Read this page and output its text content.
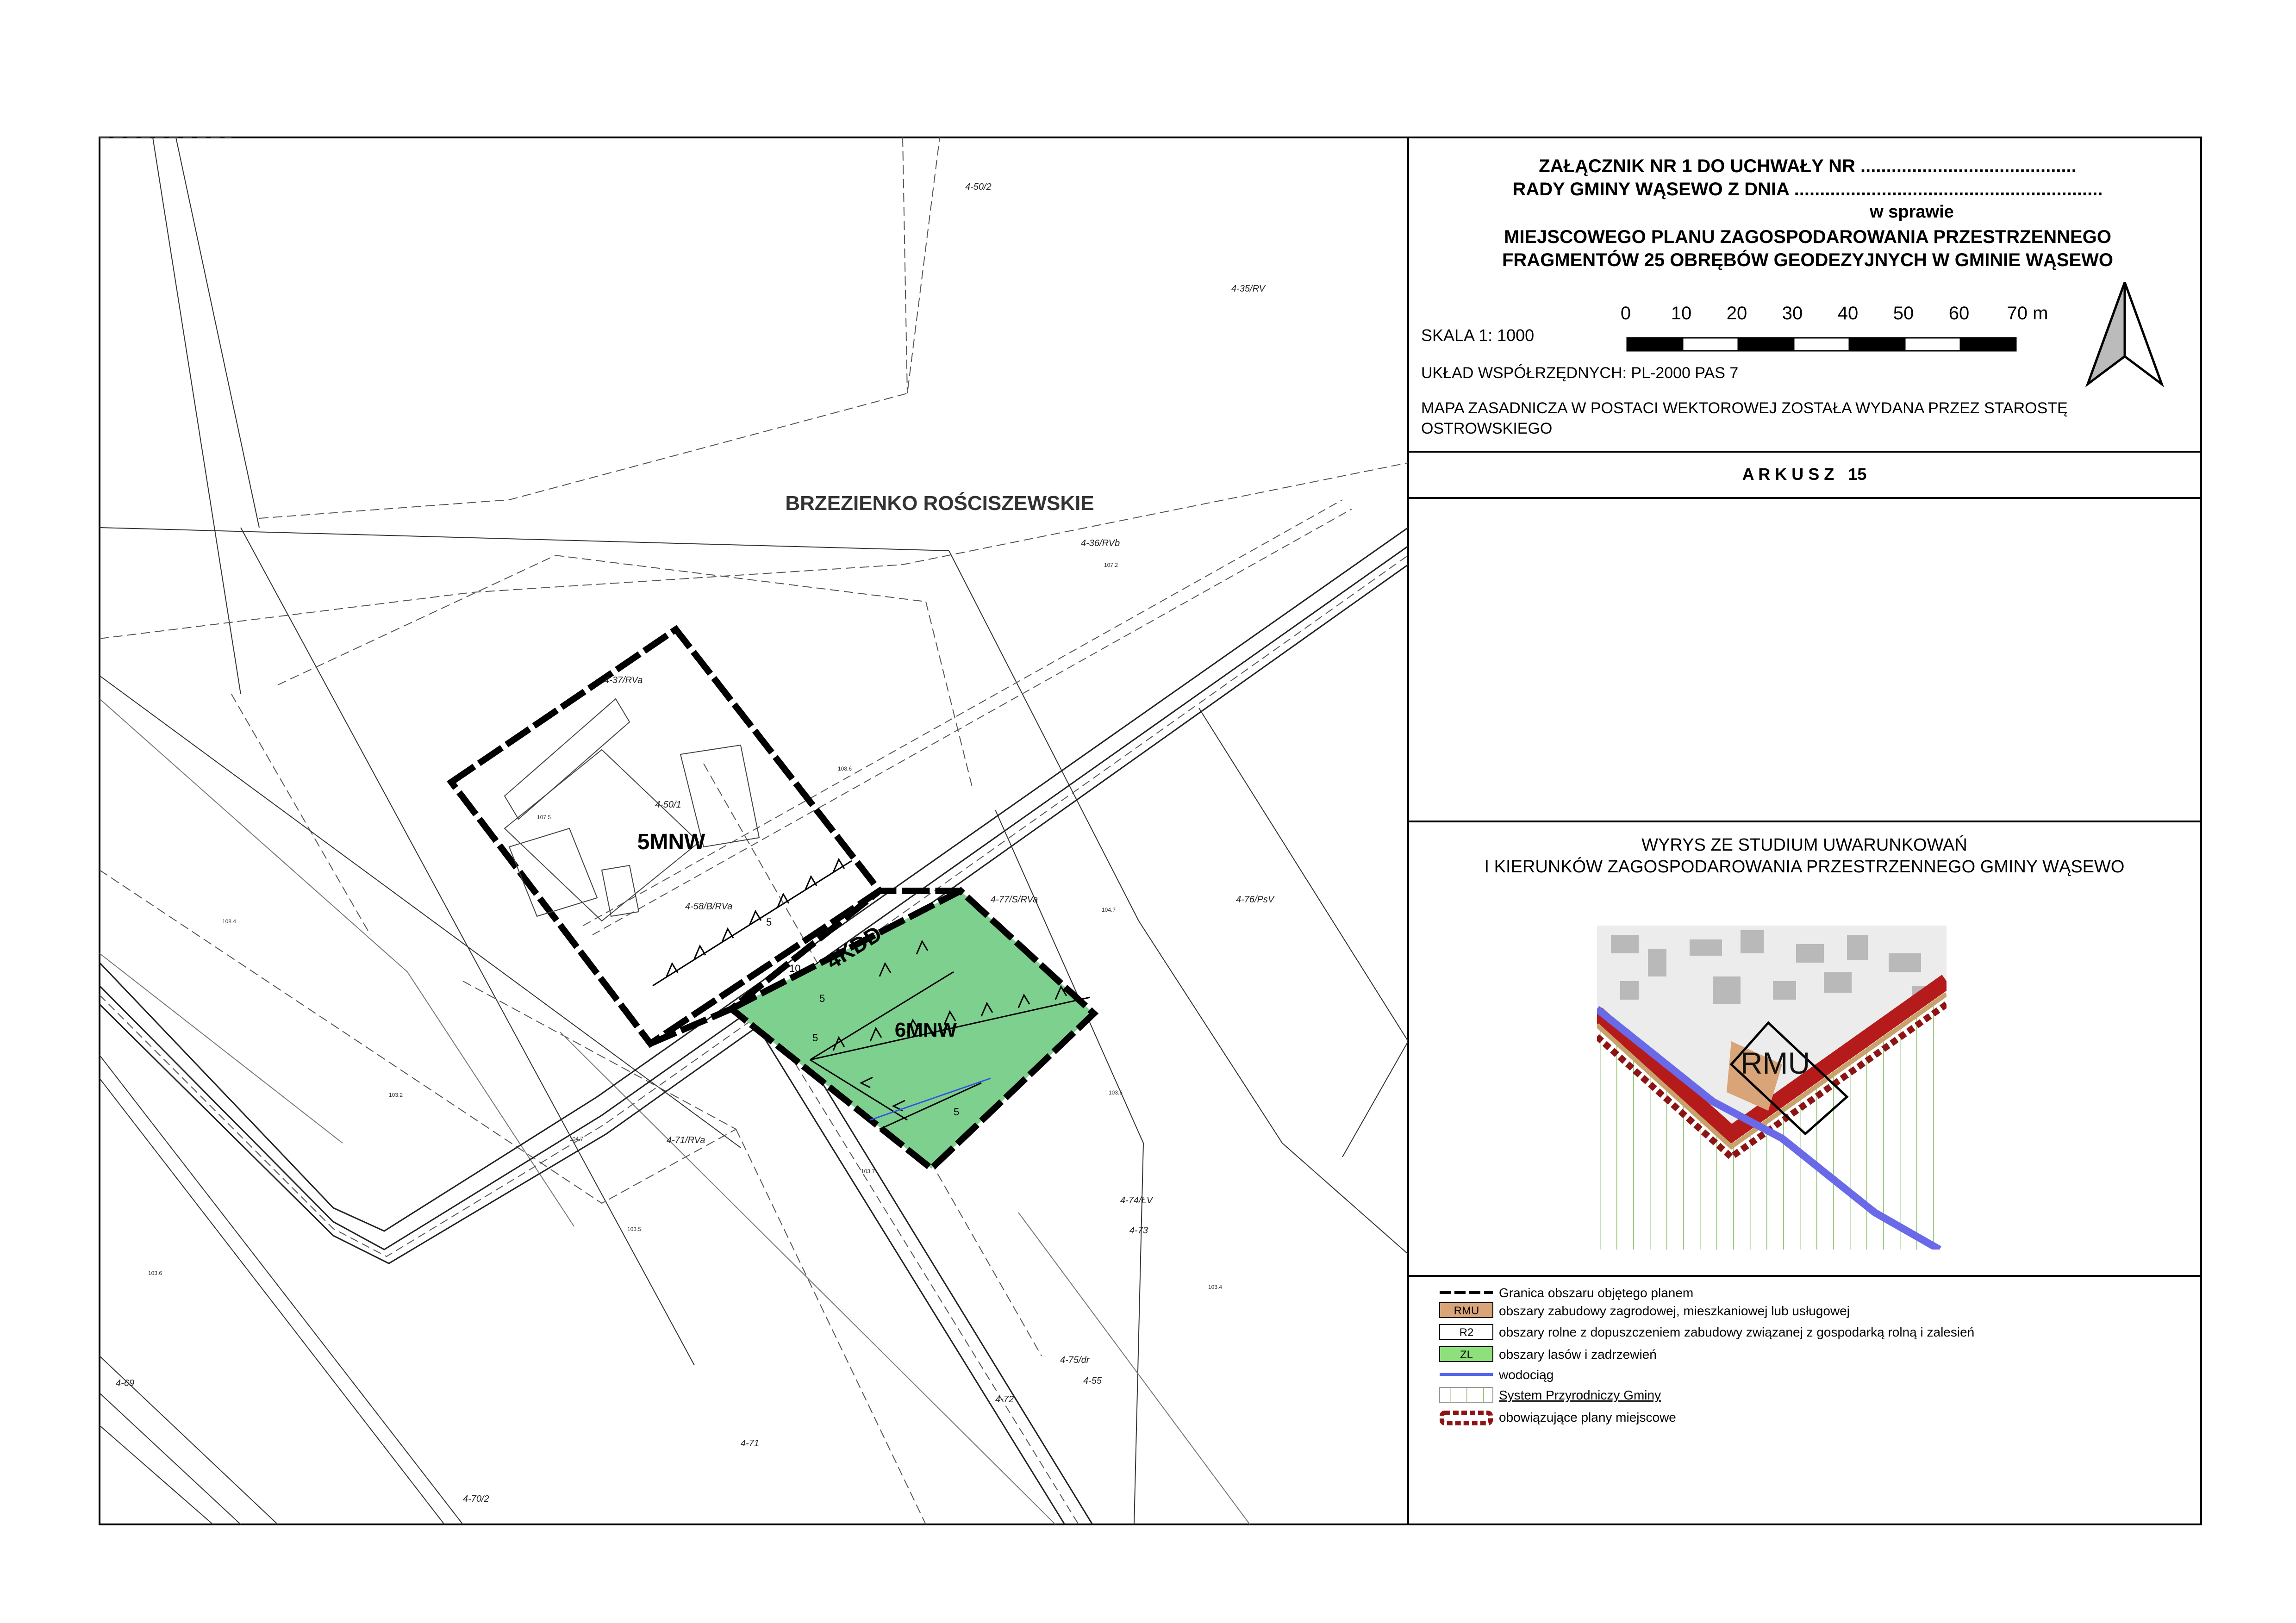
BRZEZIENKO ROŚCISZEWSKIE
5MNW
6MNW
4KDD
4-50/2
4-35/RV
4-36/RVb
4-37/RVa
4-50/1
4-58/B/RVa
4-77/S/RVa	4-76/PsV
4-71/RVa
4-74/ŁV
4-73
4-75/dr
4-55
4-72
4-71
4-70/2
4-69
5
10
5
5
5
107.2
108.6
107.5
108.4
104.7
103.2
104.7
103.7
103.5
103.6
103.4
103.6
ZAŁĄCZNIK NR 1 DO UCHWAŁY NR ..........................................
RADY GMINY WĄSEWO Z DNIA ............................................................
w sprawie
MIEJSCOWEGO PLANU ZAGOSPODAROWANIA PRZESTRZENNEGO
FRAGMENTÓW 25 OBRĘBÓW GEODEZYJNYCH W GMINIE WĄSEWO
SKALA 1: 1000
0 10 20 30 40 50 60 70 m
UKŁAD WSPÓŁRZĘDNYCH: PL-2000 PAS 7
MAPA ZASADNICZA W POSTACI WEKTOROWEJ ZOSTAŁA WYDANA PRZEZ STAROSTĘ
OSTROWSKIEGO
A R K U S Z   15
WYRYS ZE STUDIUM UWARUNKOWAŃ
I KIERUNKÓW ZAGOSPODAROWANIA PRZESTRZENNEGO GMINY WĄSEWO
RMU
Granica obszaru objętego planem
RMU obszary zabudowy zagrodowej, mieszkaniowej lub usługowej
R2 obszary rolne z dopuszczeniem zabudowy związanej z gospodarką rolną i zalesień
ZL obszary lasów i zadrzewień
wodociąg
System Przyrodniczy Gminy
obowiązujące plany miejscowe
